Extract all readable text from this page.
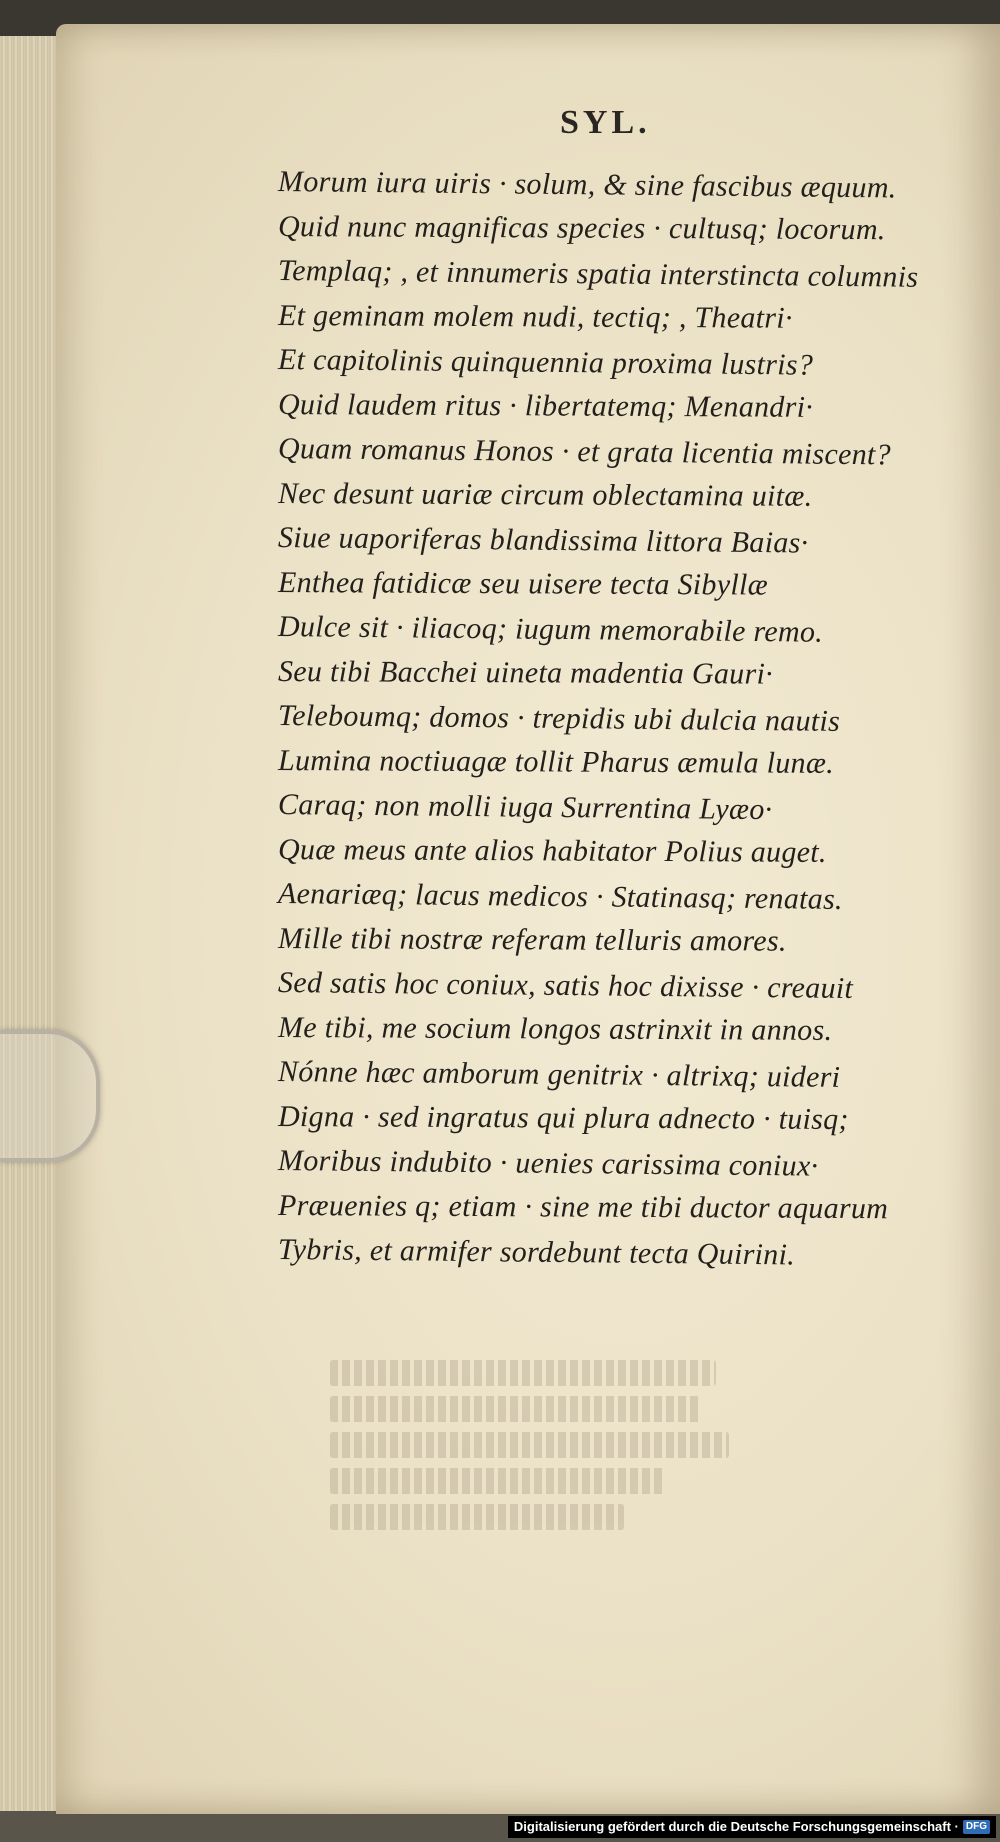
SYL.
Morum iura uiris · solum, & sine fascibus æquum.
Quid nunc magnificas species · cultusq; locorum.
Templaq; , et innumeris spatia interstincta columnis
Et geminam molem nudi, tectiq; , Theatri·
Et capitolinis quinquennia proxima lustris?
Quid laudem ritus · libertatemq; Menandri·
Quam romanus Honos · et grata licentia miscent?
Nec desunt uariæ circum oblectamina uitæ.
Siue uaporiferas blandissima littora Baias·
Enthea fatidicæ seu uisere tecta Sibyllæ
Dulce sit · iliacoq; iugum memorabile remo.
Seu tibi Bacchei uineta madentia Gauri·
Teleboumq; domos · trepidis ubi dulcia nautis
Lumina noctiuagæ tollit Pharus æmula lunæ.
Caraq; non molli iuga Surrentina Lyæo·
Quæ meus ante alios habitator Polius auget.
Aenariæq; lacus medicos · Statinasq; renatas.
Mille tibi nostræ referam telluris amores.
Sed satis hoc coniux, satis hoc dixisse · creauit
Me tibi, me socium longos astrinxit in annos.
Nónne hæc amborum genitrix · altrixq; uideri
Digna · sed ingratus qui plura adnecto · tuisq;
Moribus indubito · uenies carissima coniux·
Præuenies q; etiam · sine me tibi ductor aquarum
Tybris, et armifer sordebunt tecta Quirini.
Digitalisierung gefördert durch die Deutsche Forschungsgemeinschaft · DFG
